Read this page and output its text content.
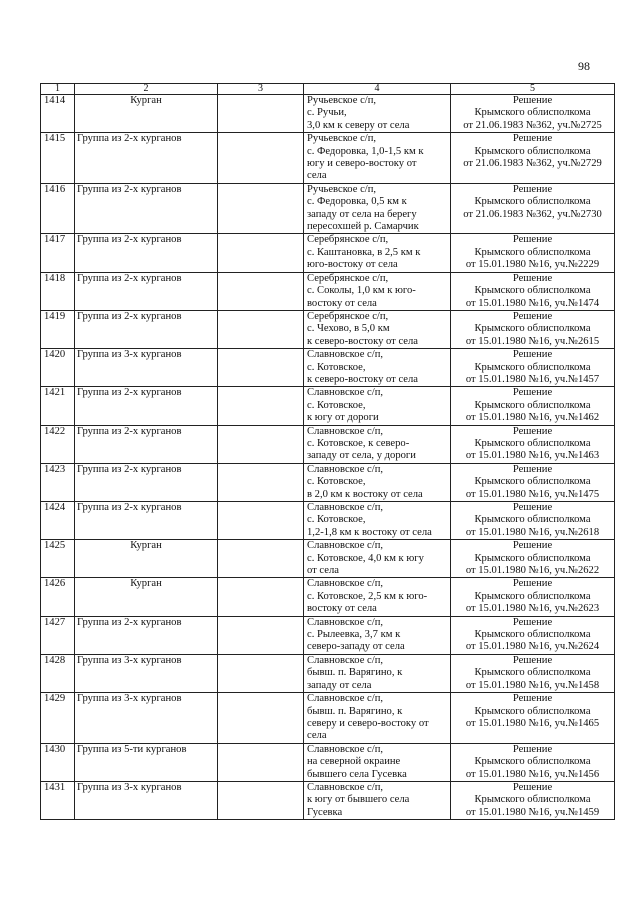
98
1	2	3	4	5
1414	Курган		Ручьевское с/п,
с. Ручьи,
3,0 км к северу от села	Решение
Крымского облисполкома
от 21.06.1983 №362, уч.№2725

1415	Группа из 2-х курганов		Ручьевское с/п,
с. Федоровка, 1,0-1,5 км к
югу и северо-востоку от
села	Решение
Крымского облисполкома
от 21.06.1983 №362, уч.№2729

1416	Группа из 2-х курганов		Ручьевское с/п,
с. Федоровка, 0,5 км к
западу от села на берегу
пересохшей р. Самарчик	Решение
Крымского облисполкома
от 21.06.1983 №362, уч.№2730

1417	Группа из 2-х курганов		Серебрянское с/п,
с. Каштановка, в 2,5 км к
юго-востоку от села	Решение
Крымского облисполкома
от 15.01.1980 №16, уч.№2229

1418	Группа из 2-х курганов		Серебрянское с/п,
с. Соколы, 1,0 км к юго-
востоку от села	Решение
Крымского облисполкома
от 15.01.1980 №16, уч.№1474

1419	Группа из 2-х курганов		Серебрянское с/п,
с. Чехово, в 5,0 км
к северо-востоку от села	Решение
Крымского облисполкома
от 15.01.1980 №16, уч.№2615

1420	Группа из 3-х курганов		Славновское с/п,
с. Котовское,
к северо-востоку от села	Решение
Крымского облисполкома
от 15.01.1980 №16, уч.№1457

1421	Группа из 2-х курганов		Славновское с/п,
с. Котовское,
к югу от дороги	Решение
Крымского облисполкома
от 15.01.1980 №16, уч.№1462

1422	Группа из 2-х курганов		Славновское с/п,
с. Котовское, к северо-
западу от села, у дороги	Решение
Крымского облисполкома
от 15.01.1980 №16, уч.№1463

1423	Группа из 2-х курганов		Славновское с/п,
с. Котовское,
в 2,0 км к востоку от села	Решение
Крымского облисполкома
от 15.01.1980 №16, уч.№1475

1424	Группа из 2-х курганов		Славновское с/п,
с. Котовское,
1,2-1,8 км к востоку от села	Решение
Крымского облисполкома
от 15.01.1980 №16, уч.№2618

1425	Курган		Славновское с/п,
с. Котовское, 4,0 км к югу
от села	Решение
Крымского облисполкома
от 15.01.1980 №16, уч.№2622

1426	Курган		Славновское с/п,
с. Котовское, 2,5 км к юго-
востоку от села	Решение
Крымского облисполкома
от 15.01.1980 №16, уч.№2623

1427	Группа из 2-х курганов		Славновское с/п,
с. Рылеевка, 3,7 км к
северо-западу от села	Решение
Крымского облисполкома
от 15.01.1980 №16, уч.№2624

1428	Группа из 3-х курганов		Славновское с/п,
бывш. п. Варягино, к
западу от села	Решение
Крымского облисполкома
от 15.01.1980 №16, уч.№1458

1429	Группа из 3-х курганов		Славновское с/п,
бывш. п. Варягино, к
северу и северо-востоку от
села	Решение
Крымского облисполкома
от 15.01.1980 №16, уч.№1465

1430	Группа из 5-ти курганов		Славновское с/п,
на северной окраине
бывшего села Гусевка	Решение
Крымского облисполкома
от 15.01.1980 №16, уч.№1456

1431	Группа из 3-х курганов		Славновское с/п,
к югу от бывшего села
Гусевка	Решение
Крымского облисполкома
от 15.01.1980 №16, уч.№1459
